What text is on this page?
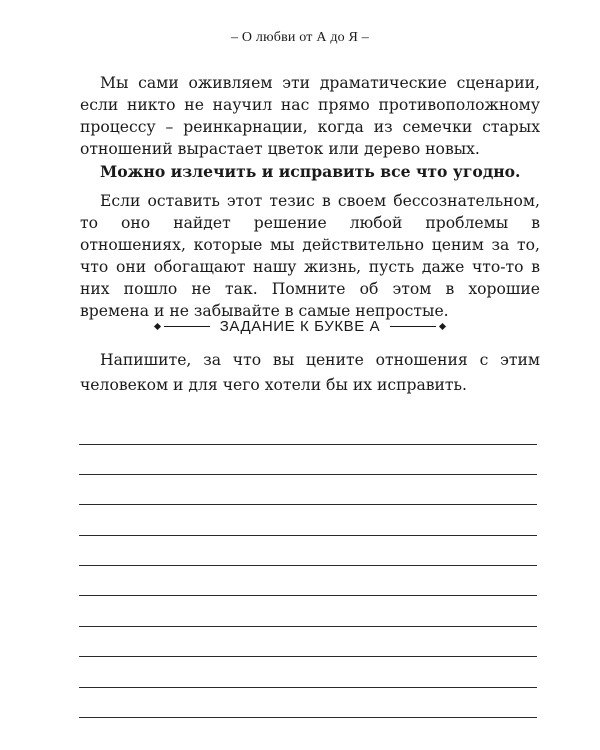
– О любви от А до Я –

Мы сами оживляем эти драматические сценарии, если никто не научил нас прямо противоположному процессу – реинкарнации, когда из семечки старых отношений вырастает цветок или дерево новых.

Можно излечить и исправить все что угодно.

Если оставить этот тезис в своем бессознательном, то оно найдет решение любой проблемы в отношениях, которые мы действительно ценим за то, что они обогащают нашу жизнь, пусть даже что-то в них пошло не так. Помните об этом в хорошие времена и не забывайте в самые непростые.

ЗАДАНИЕ К БУКВЕ А

Напишите, за что вы цените отношения с этим человеком и для чего хотели бы их исправить.
